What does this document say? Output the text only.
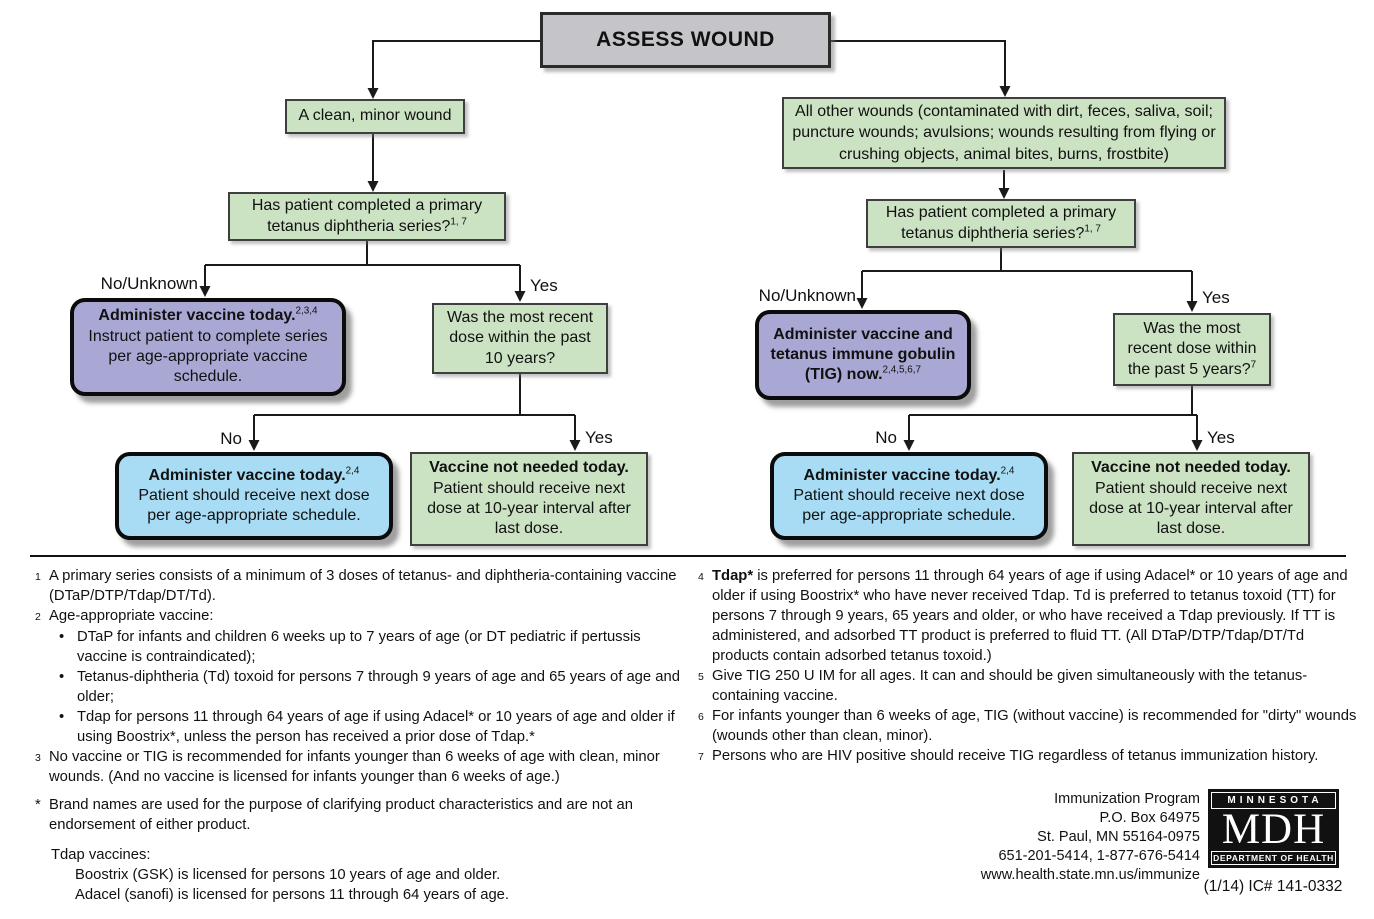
ASSESS WOUND
A clean, minor wound	All other wounds (contaminated with dirt, feces, saliva, soil; puncture wounds; avulsions; wounds resulting from flying or crushing objects, animal bites, burns, frostbite)
Has patient completed a primary tetanus diphtheria series?$^{1, 7}$
Has patient completed a primary tetanus diphtheria series?$^{1, 7}$
Administer vaccine today.$^{2,3,4}$
Instruct patient to complete series per age-appropriate vaccine schedule.
Was the most recent dose within the past 10 years?
Administer vaccine and tetanus immune gobulin (TIG) now.$^{2,4,5,6,7}$
Was the most recent dose within the past 5 years?$^7$
Administer vaccine today.$^{2,4}$
Patient should receive next dose per age-appropriate schedule.
Vaccine not needed today.
Patient should receive next dose at 10-year interval after last dose.
Administer vaccine today.$^{2,4}$
Patient should receive next dose per age-appropriate schedule.
Vaccine not needed today.
Patient should receive next dose at 10-year interval after last dose.
No/Unknown	Yes
No	Yes
No/Unknown	Yes
No	Yes
1 A primary series consists of a minimum of 3 doses of tetanus- and diphtheria-containing vaccine (DTaP/DTP/Tdap/DT/Td).
2 Age-appropriate vaccine:
• DTaP for infants and children 6 weeks up to 7 years of age (or DT pediatric if pertussis vaccine is contraindicated);
• Tetanus-diphtheria (Td) toxoid for persons 7 through 9 years of age and 65 years of age and older;
• Tdap for persons 11 through 64 years of age if using Adacel* or 10 years of age and older if using Boostrix*, unless the person has received a prior dose of Tdap.*
3 No vaccine or TIG is recommended for infants younger than 6 weeks of age with clean, minor wounds. (And no vaccine is licensed for infants younger than 6 weeks of age.)
* Brand names are used for the purpose of clarifying product characteristics and are not an endorsement of either product.
Tdap vaccines:
Boostrix (GSK) is licensed for persons 10 years of age and older.
Adacel (sanofi) is licensed for persons 11 through 64 years of age.
4 Tdap* is preferred for persons 11 through 64 years of age if using Adacel* or 10 years of age and older if using Boostrix* who have never received Tdap. Td is preferred to tetanus toxoid (TT) for persons 7 through 9 years, 65 years and older, or who have received a Tdap previously. If TT is administered, and adsorbed TT product is preferred to fluid TT. (All DTaP/DTP/Tdap/DT/Td products contain adsorbed tetanus toxoid.)
5 Give TIG 250 U IM for all ages. It can and should be given simultaneously with the tetanus-containing vaccine.
6 For infants younger than 6 weeks of age, TIG (without vaccine) is recommended for "dirty" wounds (wounds other than clean, minor).
7 Persons who are HIV positive should receive TIG regardless of tetanus immunization history.
Immunization Program
P.O. Box 64975
St. Paul, MN 55164-0975
651-201-5414, 1-877-676-5414
www.health.state.mn.us/immunize
MINNESOTA
MDH
DEPARTMENT OF HEALTH
(1/14) IC# 141-0332
